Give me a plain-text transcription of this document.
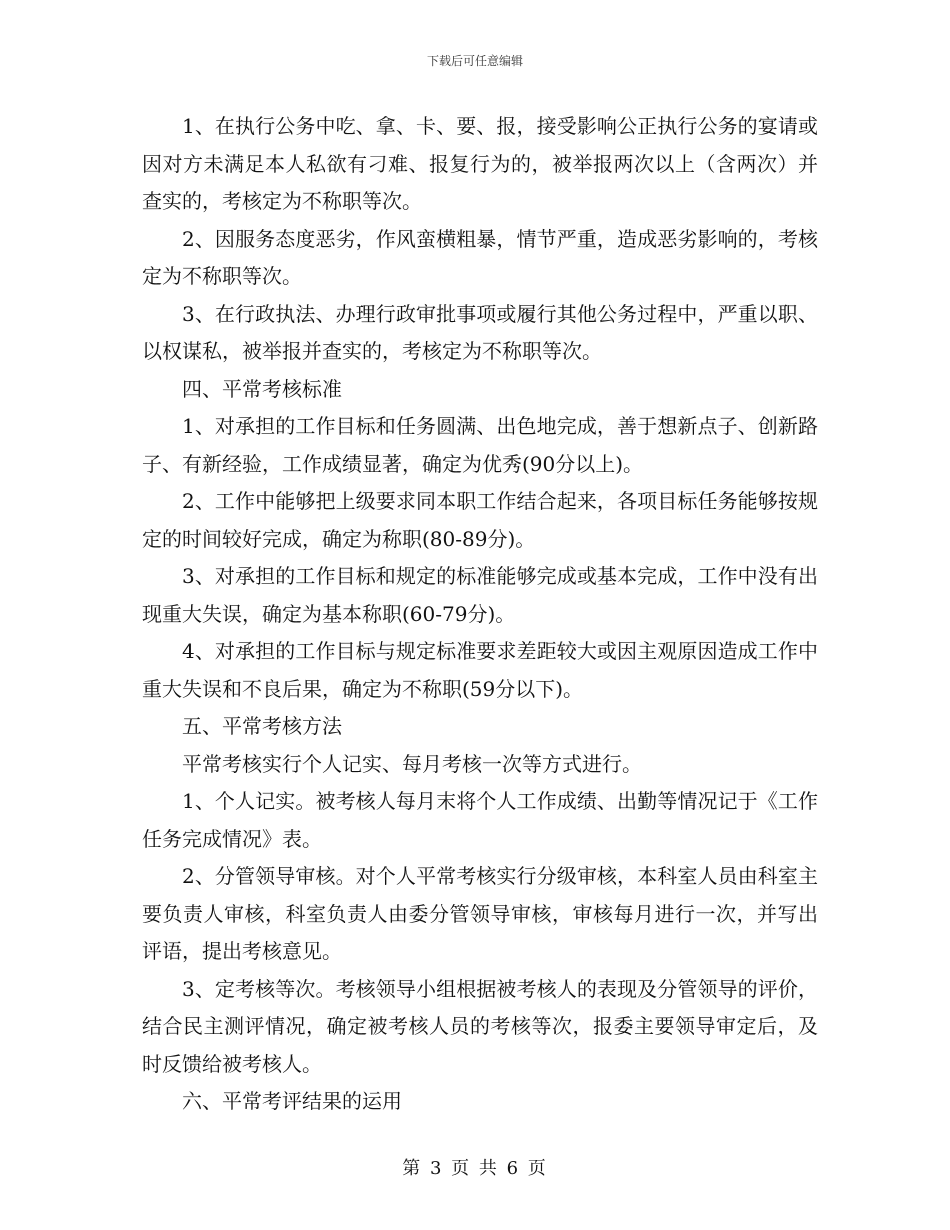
下载后可任意编辑

1、在执行公务中吃、拿、卡、要、报，接受影响公正执行公务的宴请或因对方未满足本人私欲有刁难、报复行为的，被举报两次以上（含两次）并查实的，考核定为不称职等次。

2、因服务态度恶劣，作风蛮横粗暴，情节严重，造成恶劣影响的，考核定为不称职等次。

3、在行政执法、办理行政审批事项或履行其他公务过程中，严重以职、以权谋私，被举报并查实的，考核定为不称职等次。

四、平常考核标准

1、对承担的工作目标和任务圆满、出色地完成，善于想新点子、创新路子、有新经验，工作成绩显著，确定为优秀(90分以上)。

2、工作中能够把上级要求同本职工作结合起来，各项目标任务能够按规定的时间较好完成，确定为称职(80-89分)。

3、对承担的工作目标和规定的标准能够完成或基本完成，工作中没有出现重大失误，确定为基本称职(60-79分)。

4、对承担的工作目标与规定标准要求差距较大或因主观原因造成工作中重大失误和不良后果，确定为不称职(59分以下)。

五、平常考核方法

平常考核实行个人记实、每月考核一次等方式进行。

1、个人记实。被考核人每月末将个人工作成绩、出勤等情况记于《工作任务完成情况》表。

2、分管领导审核。对个人平常考核实行分级审核，本科室人员由科室主要负责人审核，科室负责人由委分管领导审核，审核每月进行一次，并写出评语，提出考核意见。

3、定考核等次。考核领导小组根据被考核人的表现及分管领导的评价，结合民主测评情况，确定被考核人员的考核等次，报委主要领导审定后，及时反馈给被考核人。

六、平常考评结果的运用

第 3 页 共 6 页
